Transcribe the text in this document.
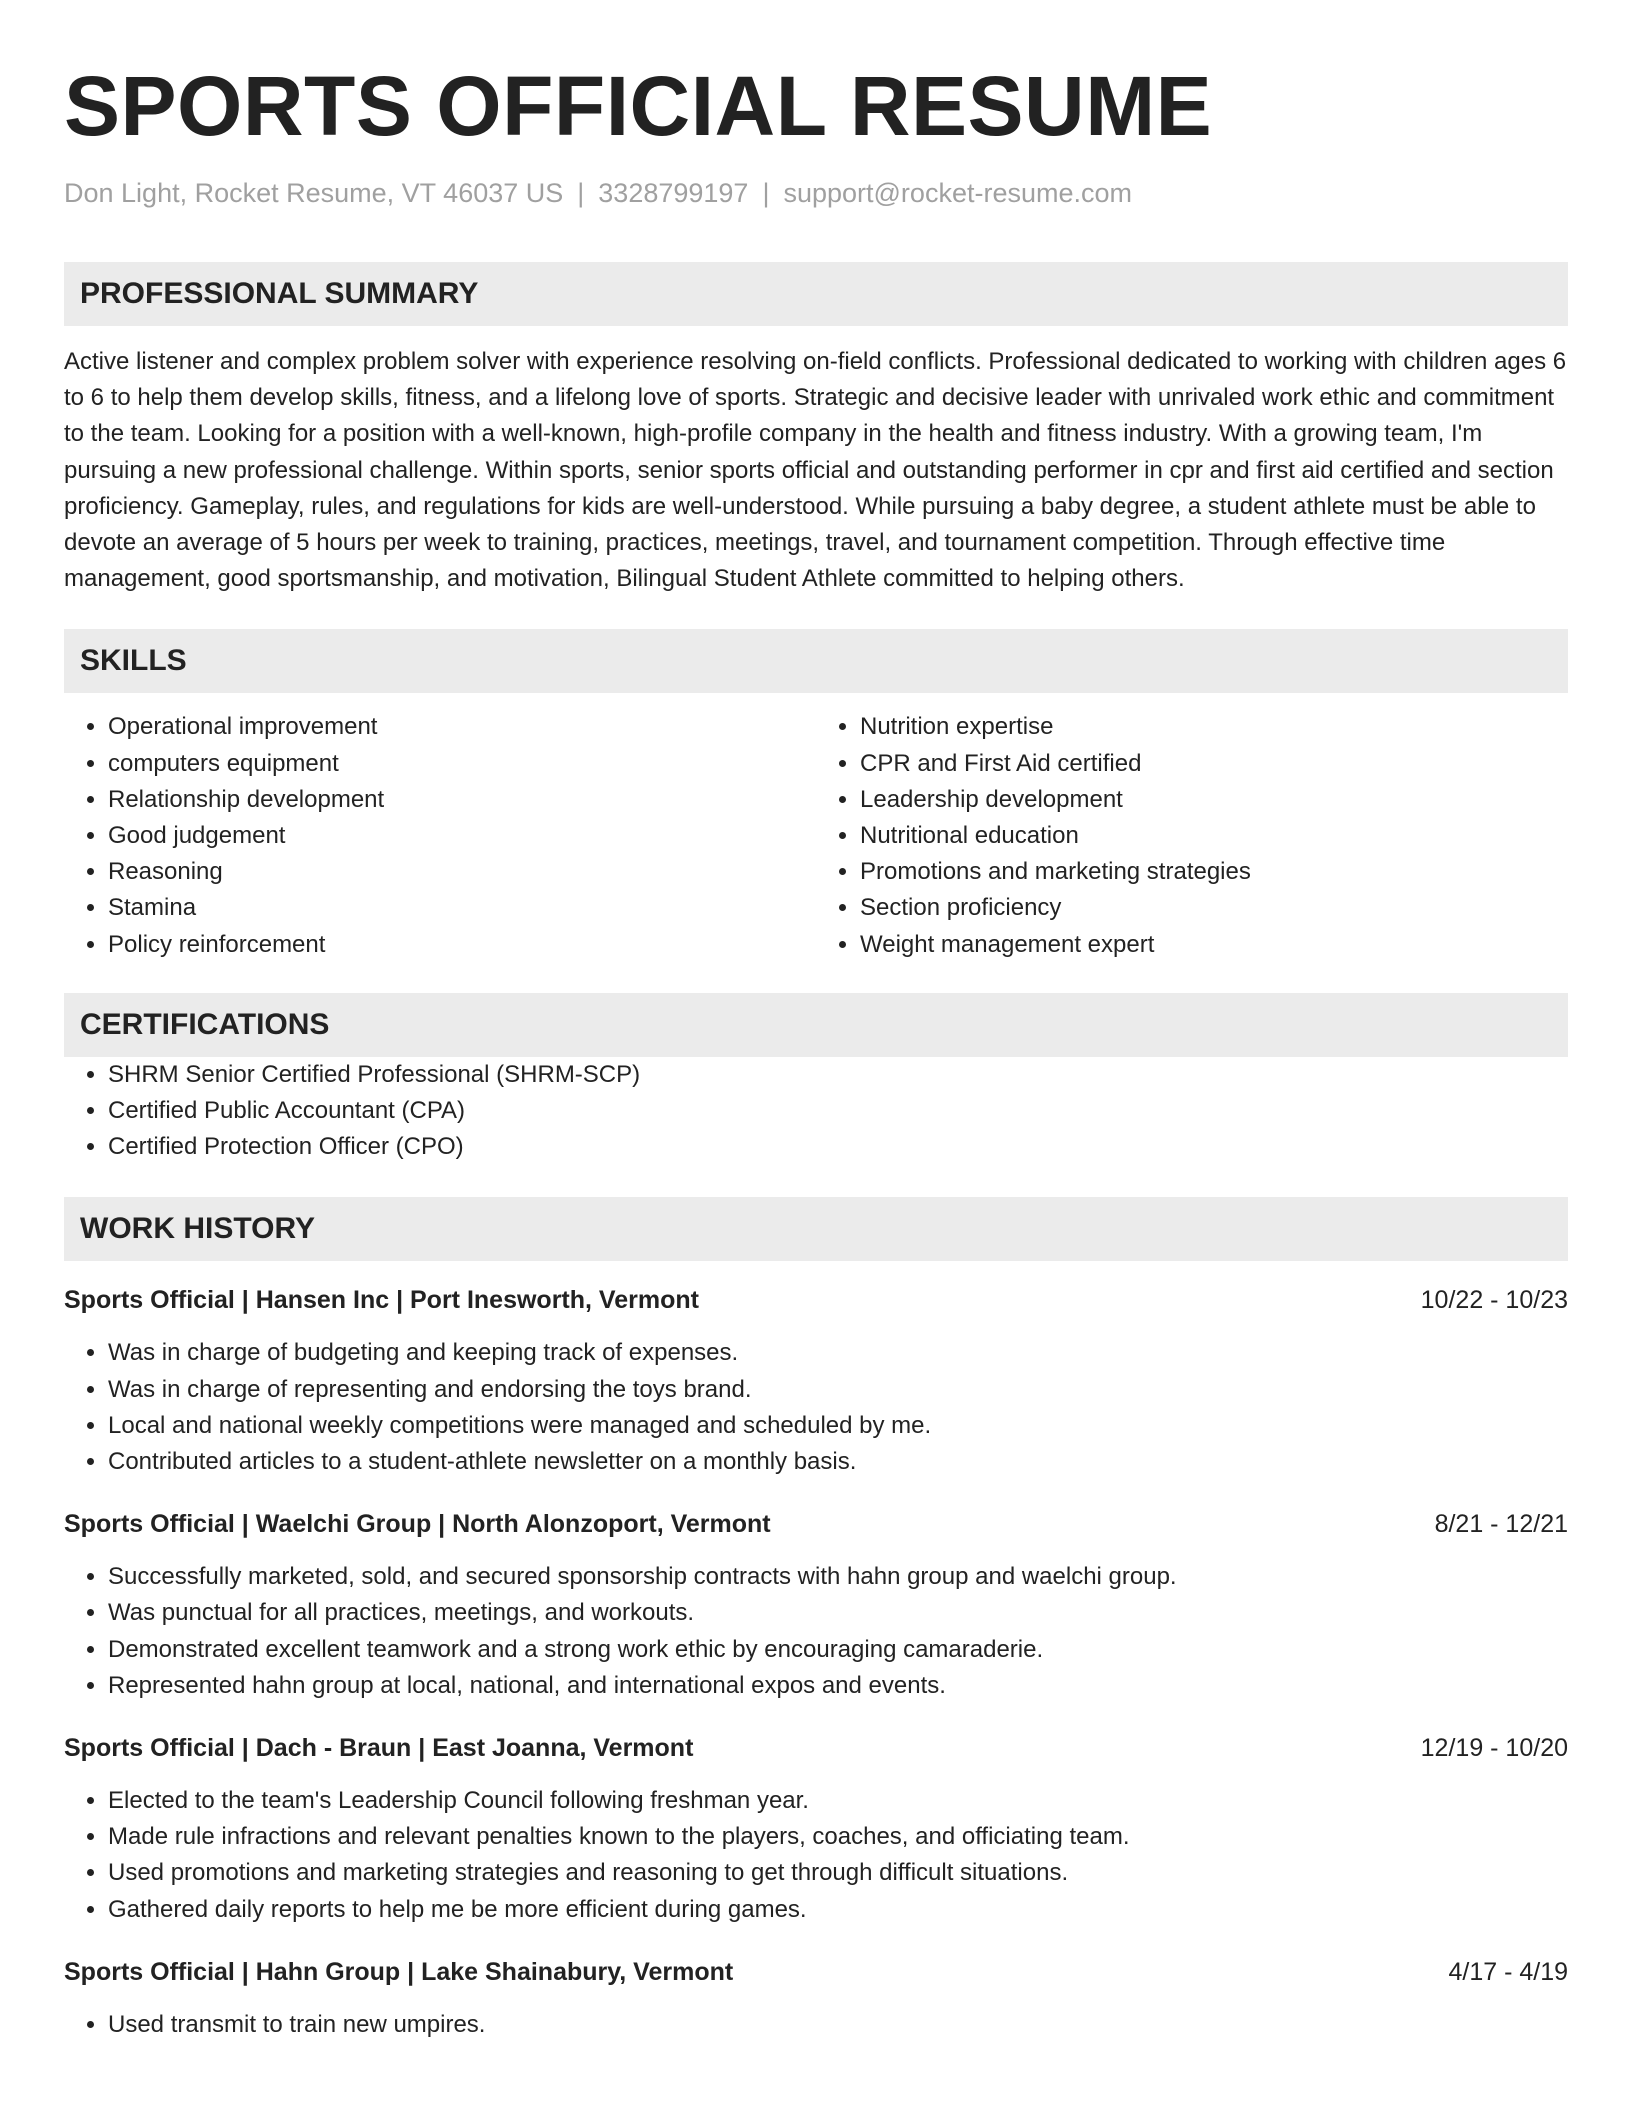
SPORTS OFFICIAL RESUME
Don Light, Rocket Resume, VT 46037 US | 3328799197 | support@rocket-resume.com
PROFESSIONAL SUMMARY

Active listener and complex problem solver with experience resolving on-field conflicts. Professional dedicated to working with children ages 6 to 6 to help them develop skills, fitness, and a lifelong love of sports. Strategic and decisive leader with unrivaled work ethic and commitment to the team. Looking for a position with a well-known, high-profile company in the health and fitness industry. With a growing team, I'm pursuing a new professional challenge. Within sports, senior sports official and outstanding performer in cpr and first aid certified and section proficiency. Gameplay, rules, and regulations for kids are well-understood. While pursuing a baby degree, a student athlete must be able to devote an average of 5 hours per week to training, practices, meetings, travel, and tournament competition. Through effective time management, good sportsmanship, and motivation, Bilingual Student Athlete committed to helping others.

SKILLS
• Operational improvement
• computers equipment
• Relationship development
• Good judgement
• Reasoning
• Stamina
• Policy reinforcement
• Nutrition expertise
• CPR and First Aid certified
• Leadership development
• Nutritional education
• Promotions and marketing strategies
• Section proficiency
• Weight management expert
CERTIFICATIONS
• SHRM Senior Certified Professional (SHRM-SCP)
• Certified Public Accountant (CPA)
• Certified Protection Officer (CPO)
WORK HISTORY
Sports Official | Hansen Inc | Port Inesworth, Vermont	10/22 - 10/23
• Was in charge of budgeting and keeping track of expenses.
• Was in charge of representing and endorsing the toys brand.
• Local and national weekly competitions were managed and scheduled by me.
• Contributed articles to a student-athlete newsletter on a monthly basis.
Sports Official | Waelchi Group | North Alonzoport, Vermont	8/21 - 12/21
• Successfully marketed, sold, and secured sponsorship contracts with hahn group and waelchi group.
• Was punctual for all practices, meetings, and workouts.
• Demonstrated excellent teamwork and a strong work ethic by encouraging camaraderie.
• Represented hahn group at local, national, and international expos and events.
Sports Official | Dach - Braun | East Joanna, Vermont	12/19 - 10/20
• Elected to the team's Leadership Council following freshman year.
• Made rule infractions and relevant penalties known to the players, coaches, and officiating team.
• Used promotions and marketing strategies and reasoning to get through difficult situations.
• Gathered daily reports to help me be more efficient during games.
Sports Official | Hahn Group | Lake Shainabury, Vermont	4/17 - 4/19
• Used transmit to train new umpires.
